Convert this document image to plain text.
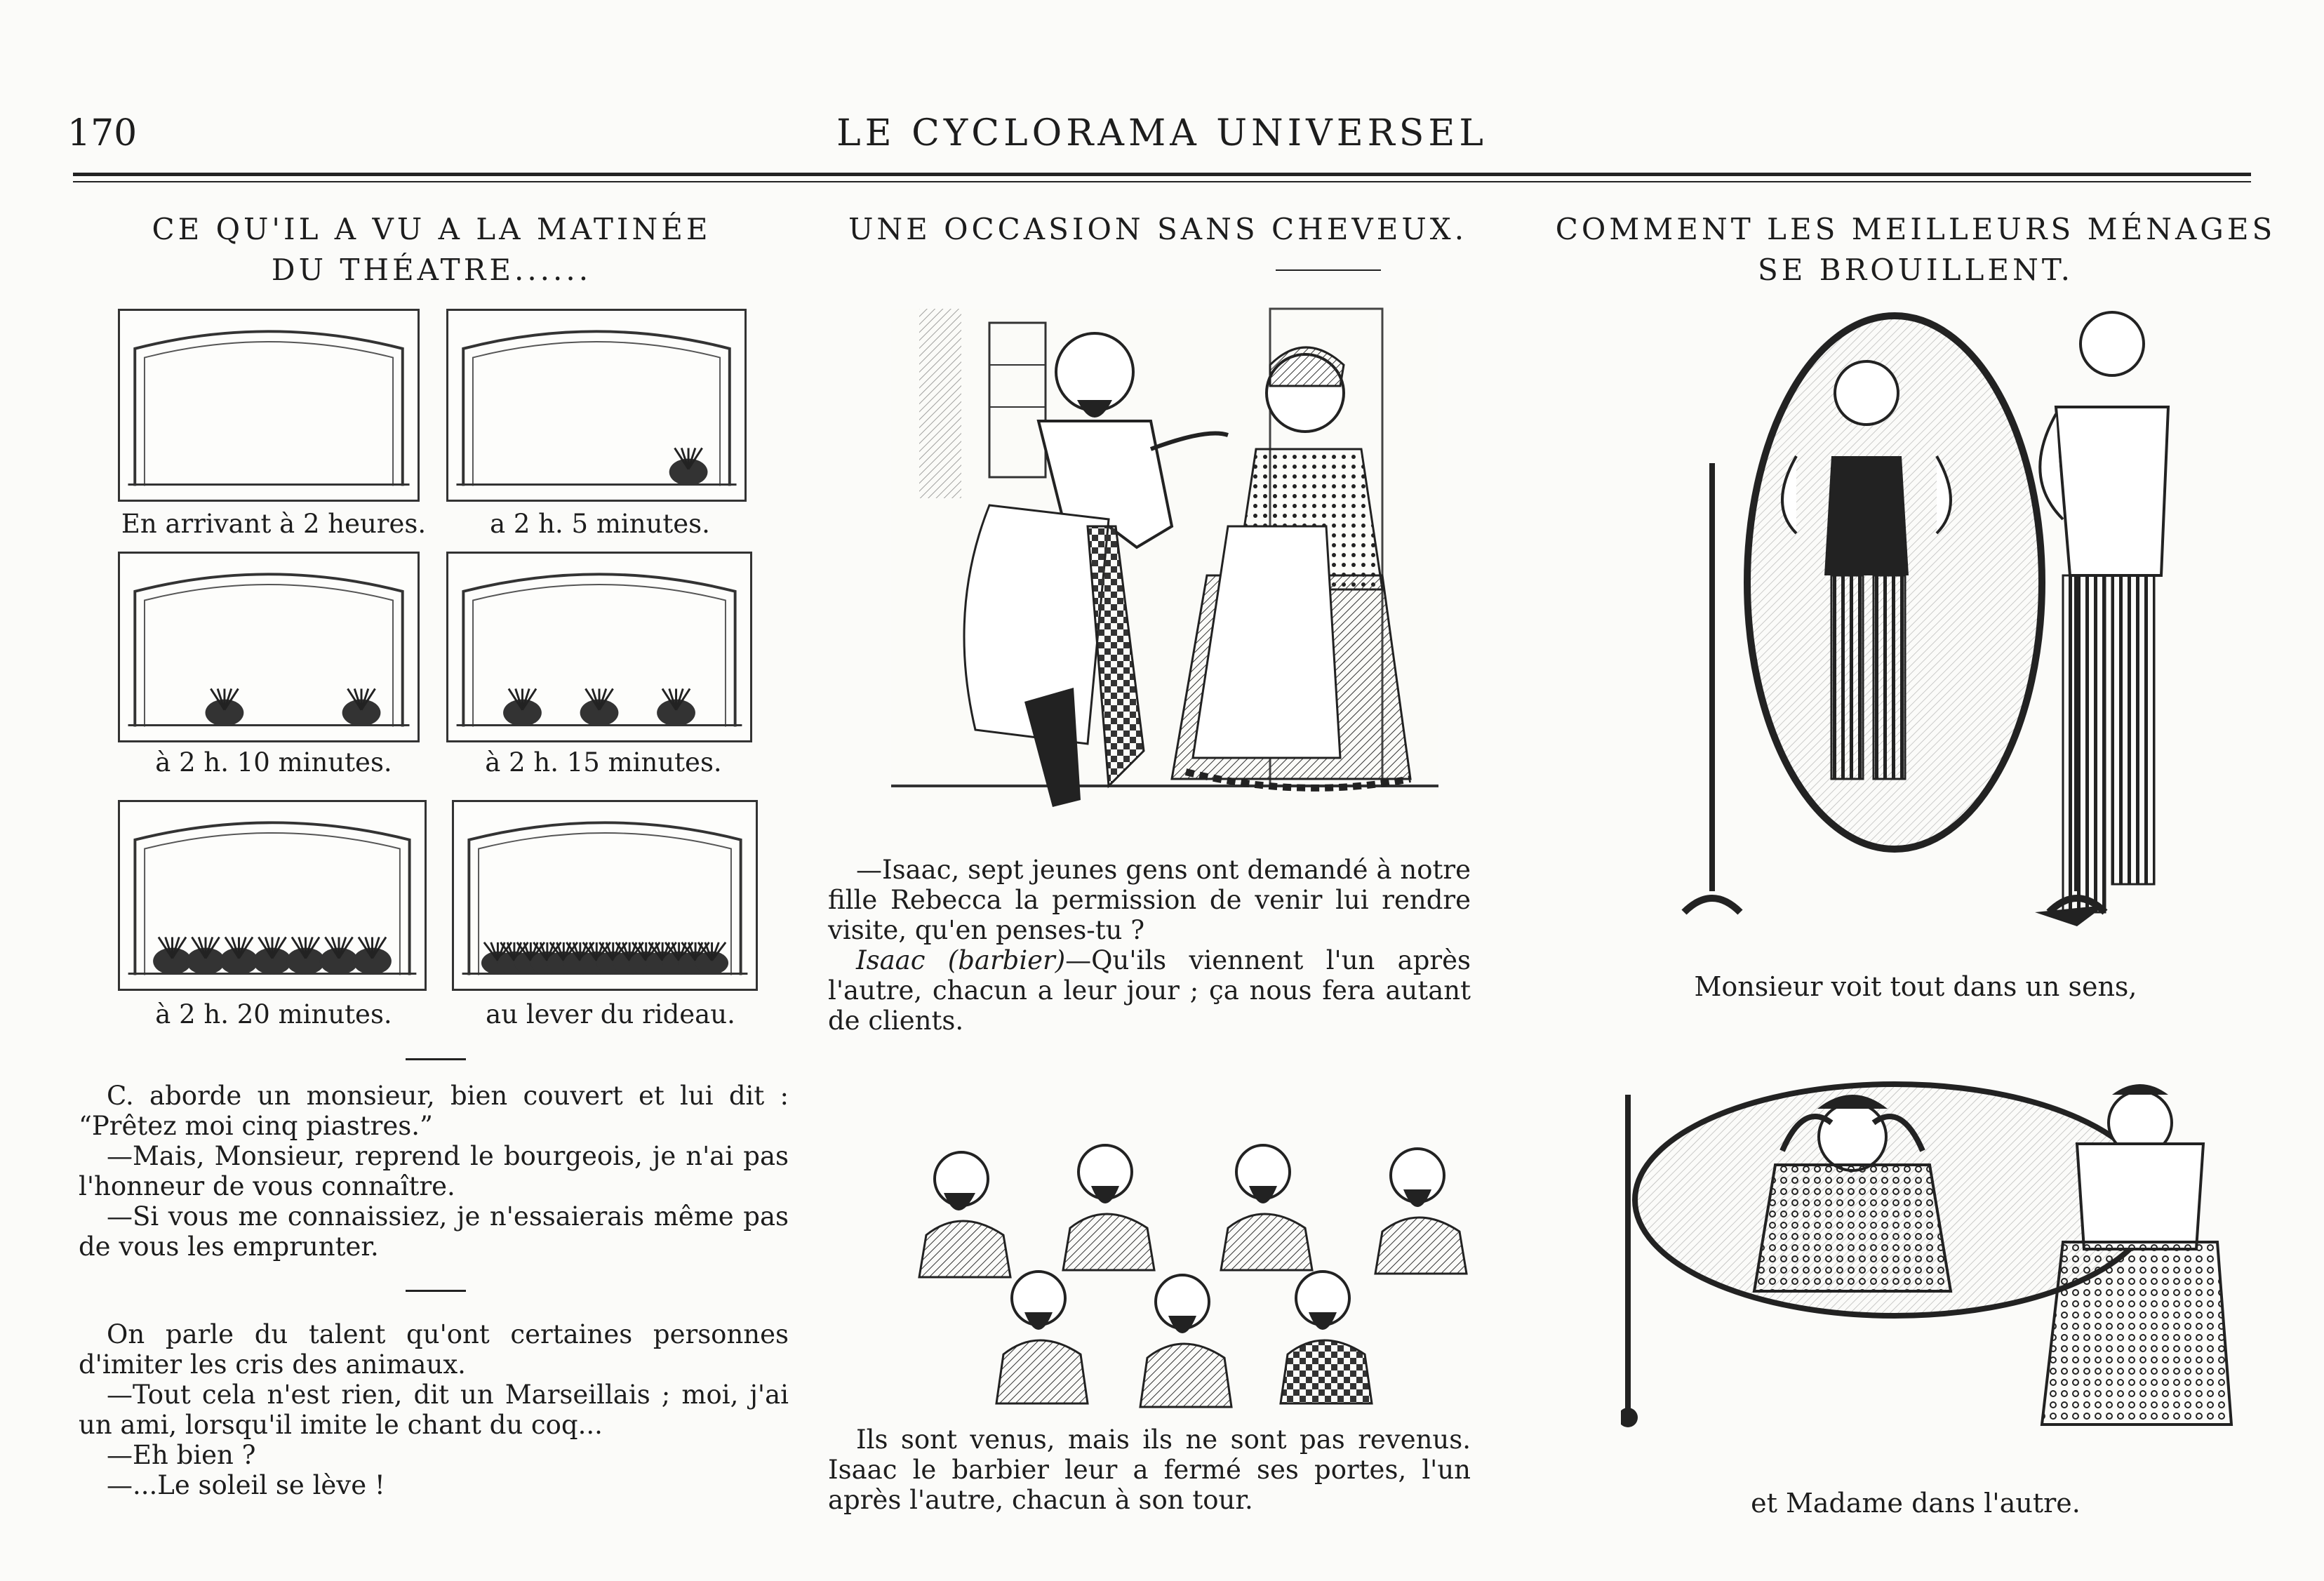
170	LE CYCLORAMA UNIVERSEL
CE QU'IL A VU A LA MATINÉE
DU THÉATRE......
En arrivant à 2 heures.	a 2 h. 5 minutes.
à 2 h. 10 minutes.	à 2 h. 15 minutes.
à 2 h. 20 minutes.	au lever du rideau.

C. aborde un monsieur, bien couvert et lui dit : “Prêtez moi cinq piastres.”

—Mais, Monsieur, reprend le bourgeois, je n'ai pas l'honneur de vous connaître.

—Si vous me connaissiez, je n'essaierais même pas de vous les emprunter.

On parle du talent qu'ont certaines personnes d'imiter les cris des animaux.

—Tout cela n'est rien, dit un Marseillais ; moi, j'ai un ami, lorsqu'il imite le chant du coq...

—Eh bien ?

—...Le soleil se lève !

UNE OCCASION SANS CHEVEUX.

—Isaac, sept jeunes gens ont demandé à notre fille Rebecca la permission de venir lui rendre visite, qu'en penses-tu ?

Isaac (barbier)—Qu'ils viennent l'un après l'autre, chacun a leur jour ; ça nous fera autant de clients.

Ils sont venus, mais ils ne sont pas revenus. Isaac le barbier leur a fermé ses portes, l'un après l'autre, chacun à son tour.

COMMENT LES MEILLEURS MÉNAGES
SE BROUILLENT.
Monsieur voit tout dans un sens,
et Madame dans l'autre.
